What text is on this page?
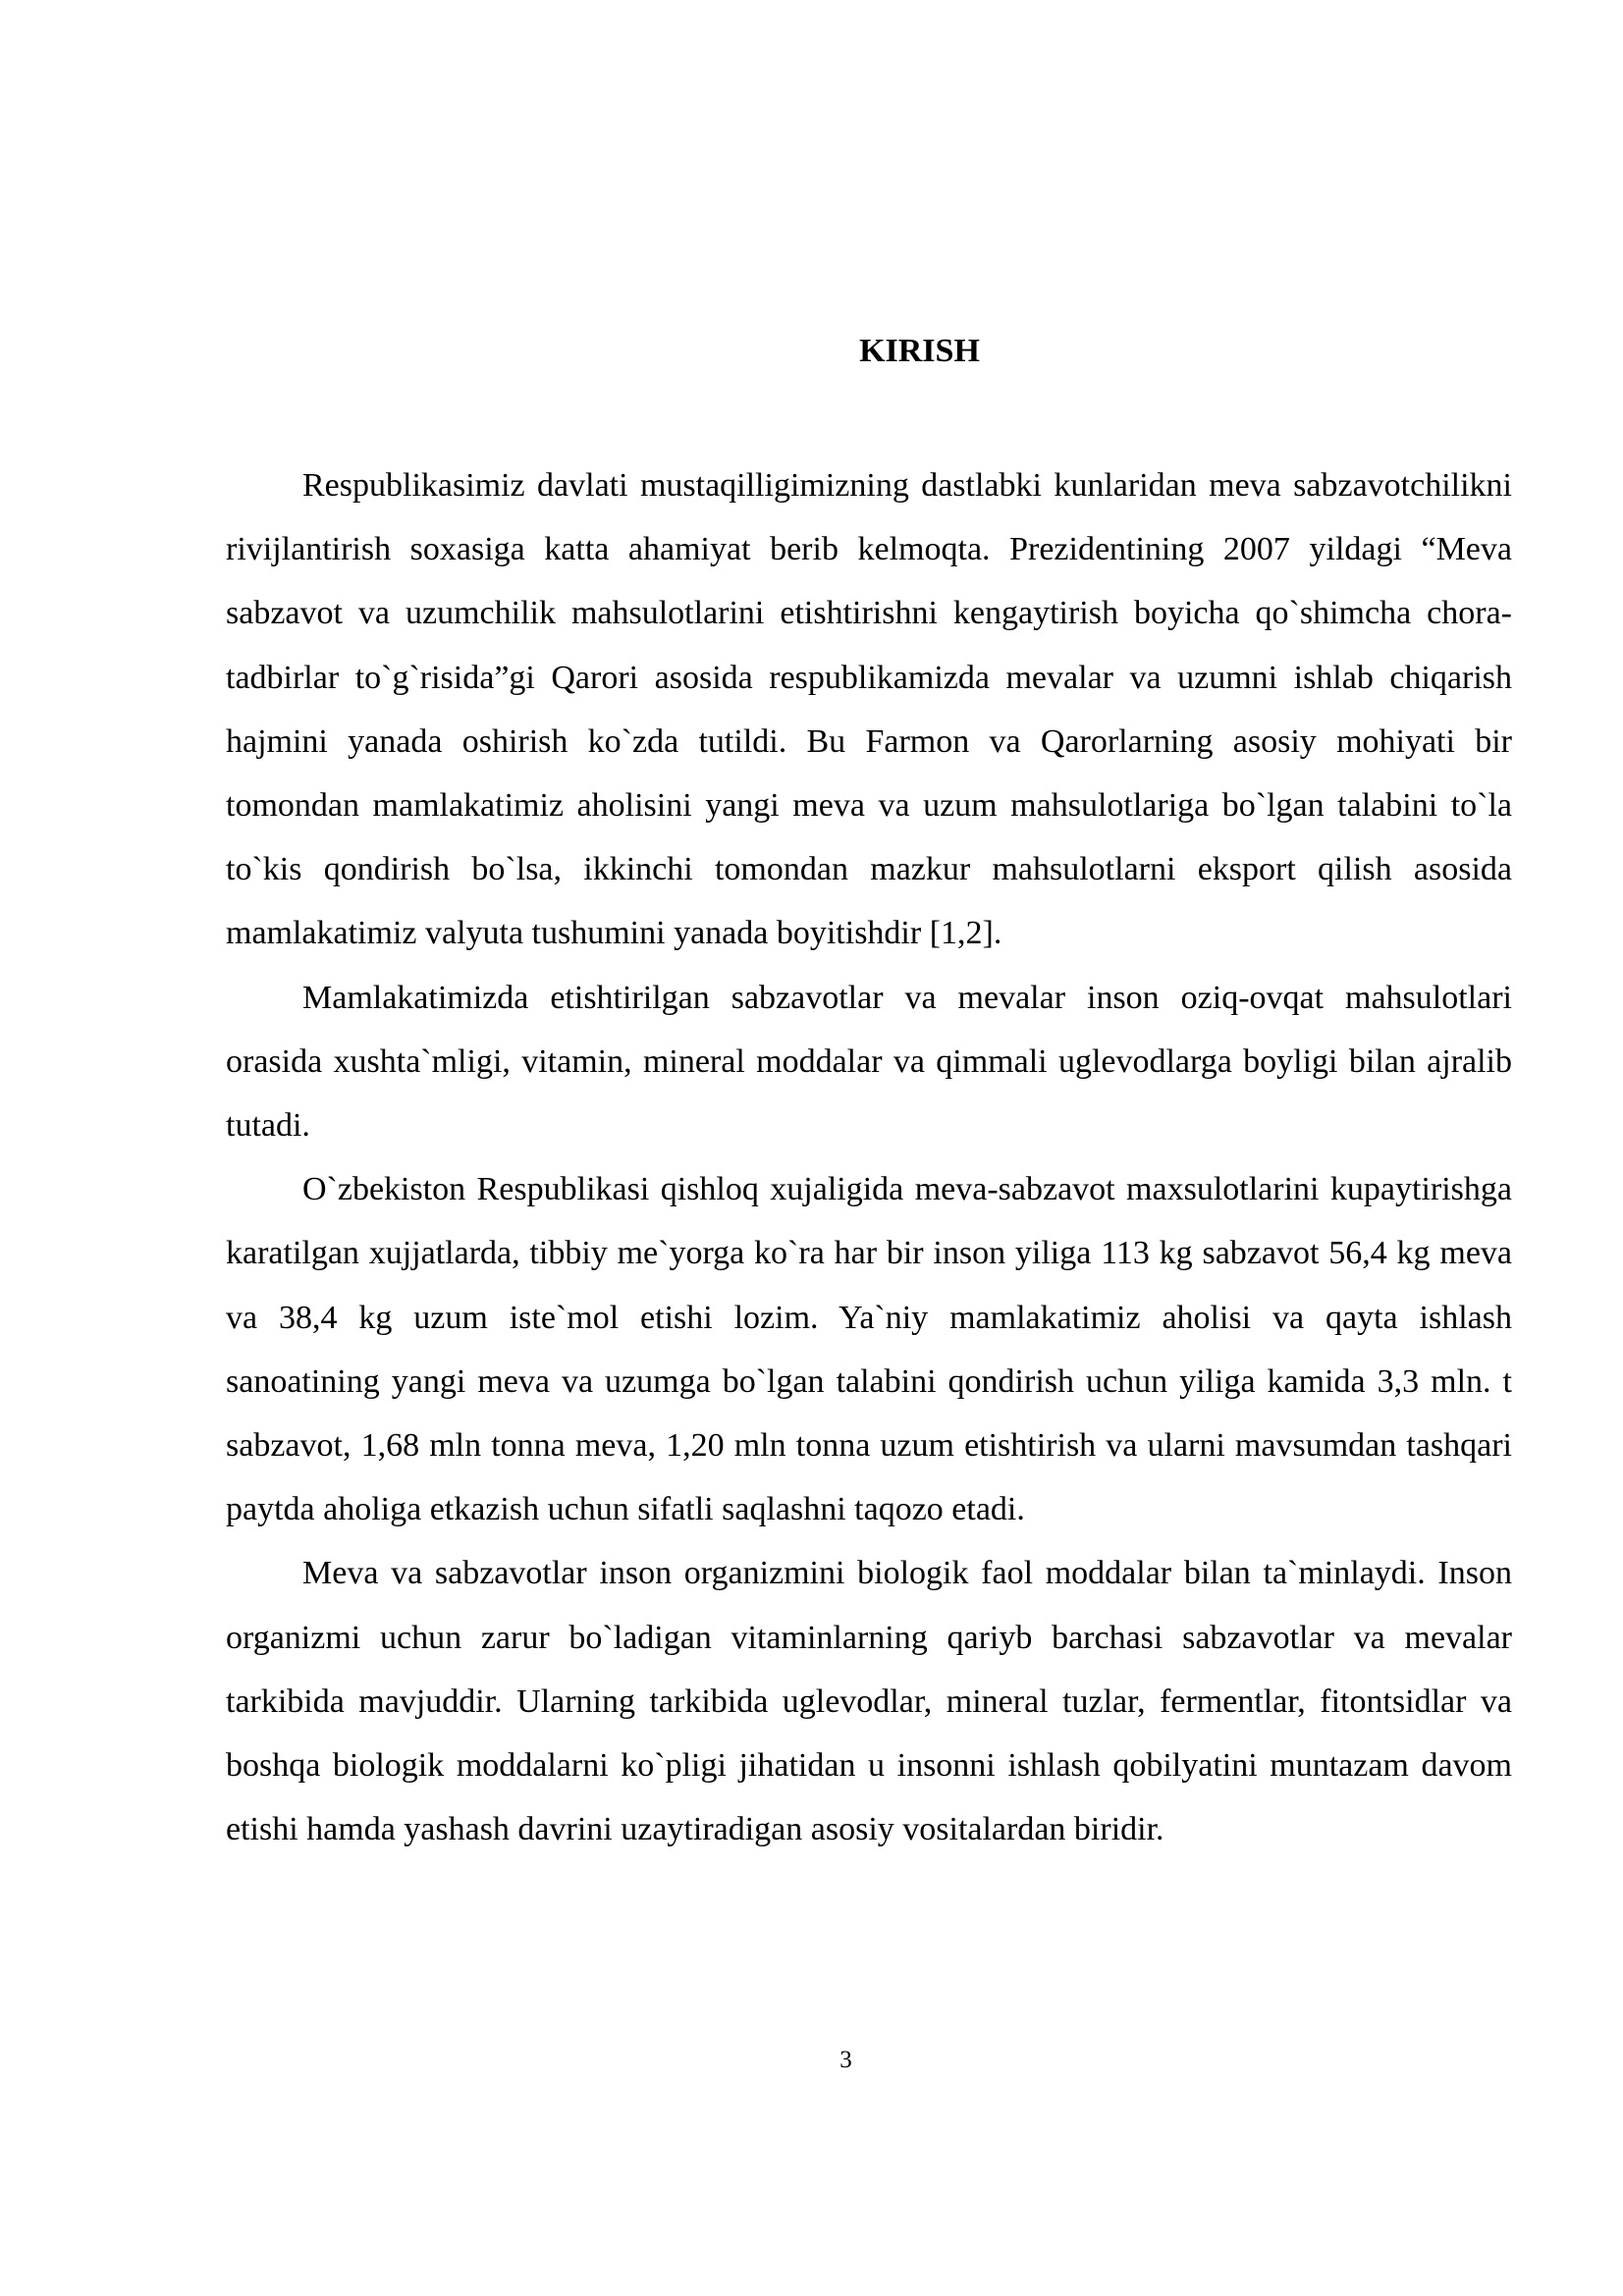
KIRISH

Respublikasimiz davlati mustaqilligimizning dastlabki kunlaridan meva sabzavotchilikni rivijlantirish soxasiga katta ahamiyat berib kelmoqta. Prezidentining 2007 yildagi “Meva sabzavot va uzumchilik mahsulotlarini etishtirishni kengaytirish boyicha qo`shimcha chora-tadbirlar to`g`risida”gi Qarori asosida respublikamizda mevalar va uzumni ishlab chiqarish hajmini yanada oshirish ko`zda tutildi. Bu Farmon va Qarorlarning asosiy mohiyati bir tomondan mamlakatimiz aholisini yangi meva va uzum mahsulotlariga bo`lgan talabini to`la to`kis qondirish bo`lsa, ikkinchi tomondan mazkur mahsulotlarni eksport qilish asosida mamlakatimiz valyuta tushumini yanada boyitishdir [1,2].

Mamlakatimizda etishtirilgan sabzavotlar va mevalar inson oziq-ovqat mahsulotlari orasida xushta`mligi, vitamin, mineral moddalar va qimmali uglevodlarga boyligi bilan ajralib tutadi.

O`zbekiston Respublikasi qishloq xujaligida meva-sabzavot maxsulotlarini kupaytirishga karatilgan xujjatlarda, tibbiy me`yorga ko`ra har bir inson yiliga 113 kg sabzavot 56,4 kg meva va 38,4 kg uzum iste`mol etishi lozim. Ya`niy mamlakatimiz aholisi va qayta ishlash sanoatining yangi meva va uzumga bo`lgan talabini qondirish uchun yiliga kamida 3,3 mln. t sabzavot, 1,68 mln tonna meva, 1,20 mln tonna uzum etishtirish va ularni mavsumdan tashqari paytda aholiga etkazish uchun sifatli saqlashni taqozo etadi.

Meva va sabzavotlar inson organizmini biologik faol moddalar bilan ta`minlaydi. Inson organizmi uchun zarur bo`ladigan vitaminlarning qariyb barchasi sabzavotlar va mevalar tarkibida mavjuddir. Ularning tarkibida uglevodlar, mineral tuzlar, fermentlar, fitontsidlar va boshqa biologik moddalarni ko`pligi jihatidan u insonni ishlash qobilyatini muntazam davom etishi hamda yashash davrini uzaytiradigan asosiy vositalardan biridir.

3
